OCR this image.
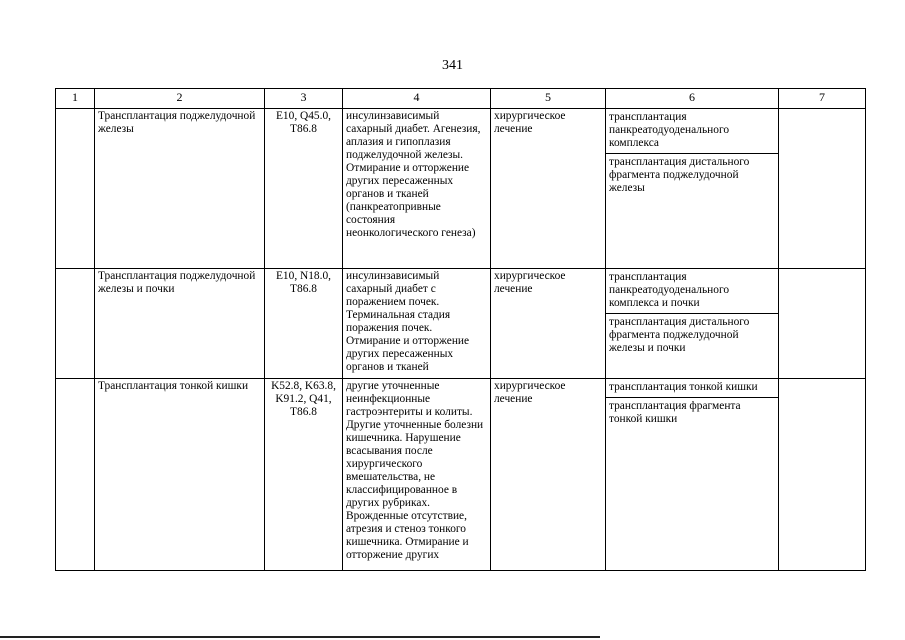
341
1	2	3	4	5	6	7
	Трансплантация поджелудочной железы	E10, Q45.0, T86.8	инсулинзависимый сахарный диабет. Агенезия, аплазия и гипоплазия поджелудочной железы. Отмирание и отторжение других пересаженных органов и тканей (панкреатопривные состояния неонкологического генеза)	хирургическое лечение	трансплантация панкреатодуоденального комплекса
трансплантация дистального фрагмента поджелудочной железы	

	Трансплантация поджелудочной железы и почки	E10, N18.0, T86.8	инсулинзависимый сахарный диабет с поражением почек. Терминальная стадия поражения почек. Отмирание и отторжение других пересаженных органов и тканей	хирургическое лечение	трансплантация панкреатодуоденального комплекса и почки
трансплантация дистального фрагмента поджелудочной железы и почки	

	Трансплантация тонкой кишки	K52.8, K63.8, K91.2, Q41, T86.8	другие уточненные неинфекционные гастроэнтериты и колиты. Другие уточненные болезни кишечника. Нарушение всасывания после хирургического вмешательства, не классифицированное в других рубриках. Врожденные отсутствие, атрезия и стеноз тонкого кишечника. Отмирание и отторжение других	хирургическое лечение	трансплантация тонкой кишки
трансплантация фрагмента тонкой кишки	
